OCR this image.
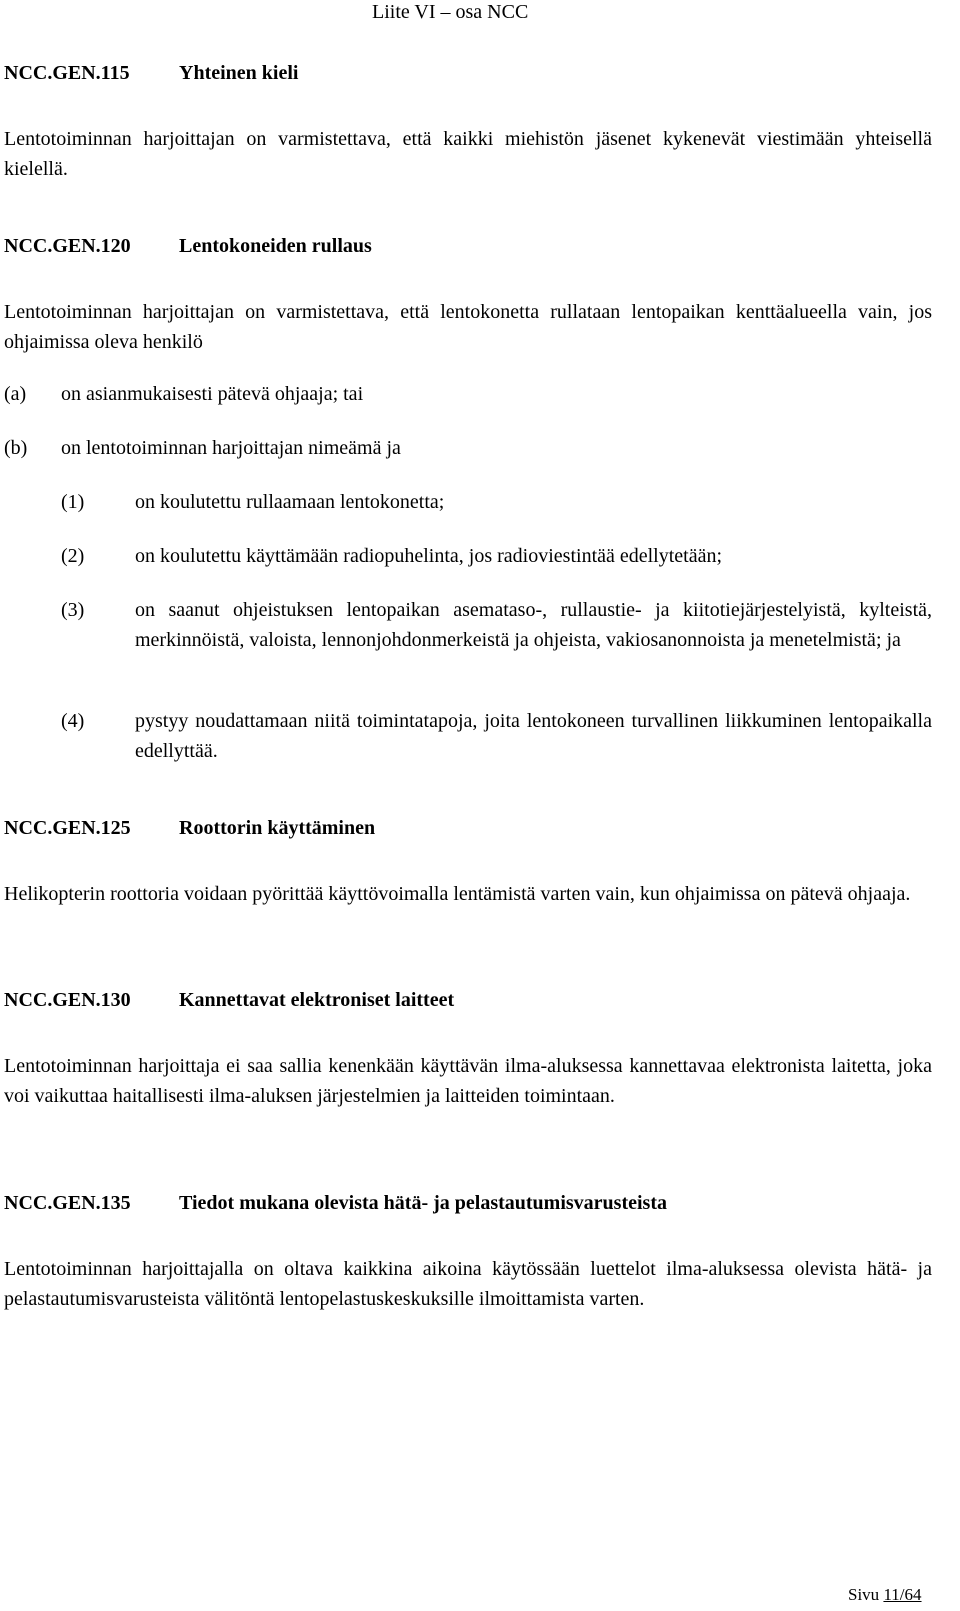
Liite VI – osa NCC
NCC.GEN.115 Yhteinen kieli
Lentotoiminnan harjoittajan on varmistettava, että kaikki miehistön jäsenet kykenevät viestimään yhteisellä kielellä.
NCC.GEN.120 Lentokoneiden rullaus
Lentotoiminnan harjoittajan on varmistettava, että lentokonetta rullataan lentopaikan kenttäalueella vain, jos ohjaimissa oleva henkilö
(a) on asianmukaisesti pätevä ohjaaja; tai
(b) on lentotoiminnan harjoittajan nimeämä ja
(1)	on koulutettu rullaamaan lentokonetta;
(2)	on koulutettu käyttämään radiopuhelinta, jos radioviestintää edellytetään;
(3)	on saanut ohjeistuksen lentopaikan asemataso-, rullaustie- ja kiitotiejärjestelyistä, kylteistä, merkinnöistä, valoista, lennonjohdonmerkeistä ja ohjeista, vakiosanonnoista ja menetelmistä; ja
(4)	pystyy noudattamaan niitä toimintatapoja, joita lentokoneen turvallinen liikkuminen lentopaikalla edellyttää.
NCC.GEN.125 Roottorin käyttäminen
Helikopterin roottoria voidaan pyörittää käyttövoimalla lentämistä varten vain, kun ohjaimissa on pätevä ohjaaja.
NCC.GEN.130 Kannettavat elektroniset laitteet
Lentotoiminnan harjoittaja ei saa sallia kenenkään käyttävän ilma-aluksessa kannettavaa elektronista laitetta, joka voi vaikuttaa haitallisesti ilma-aluksen järjestelmien ja laitteiden toimintaan.
NCC.GEN.135 Tiedot mukana olevista hätä- ja pelastautumisvarusteista
Lentotoiminnan harjoittajalla on oltava kaikkina aikoina käytössään luettelot ilma-aluksessa olevista hätä- ja pelastautumisvarusteista välitöntä lentopelastuskeskuksille ilmoittamista varten.
Sivu 11/64
